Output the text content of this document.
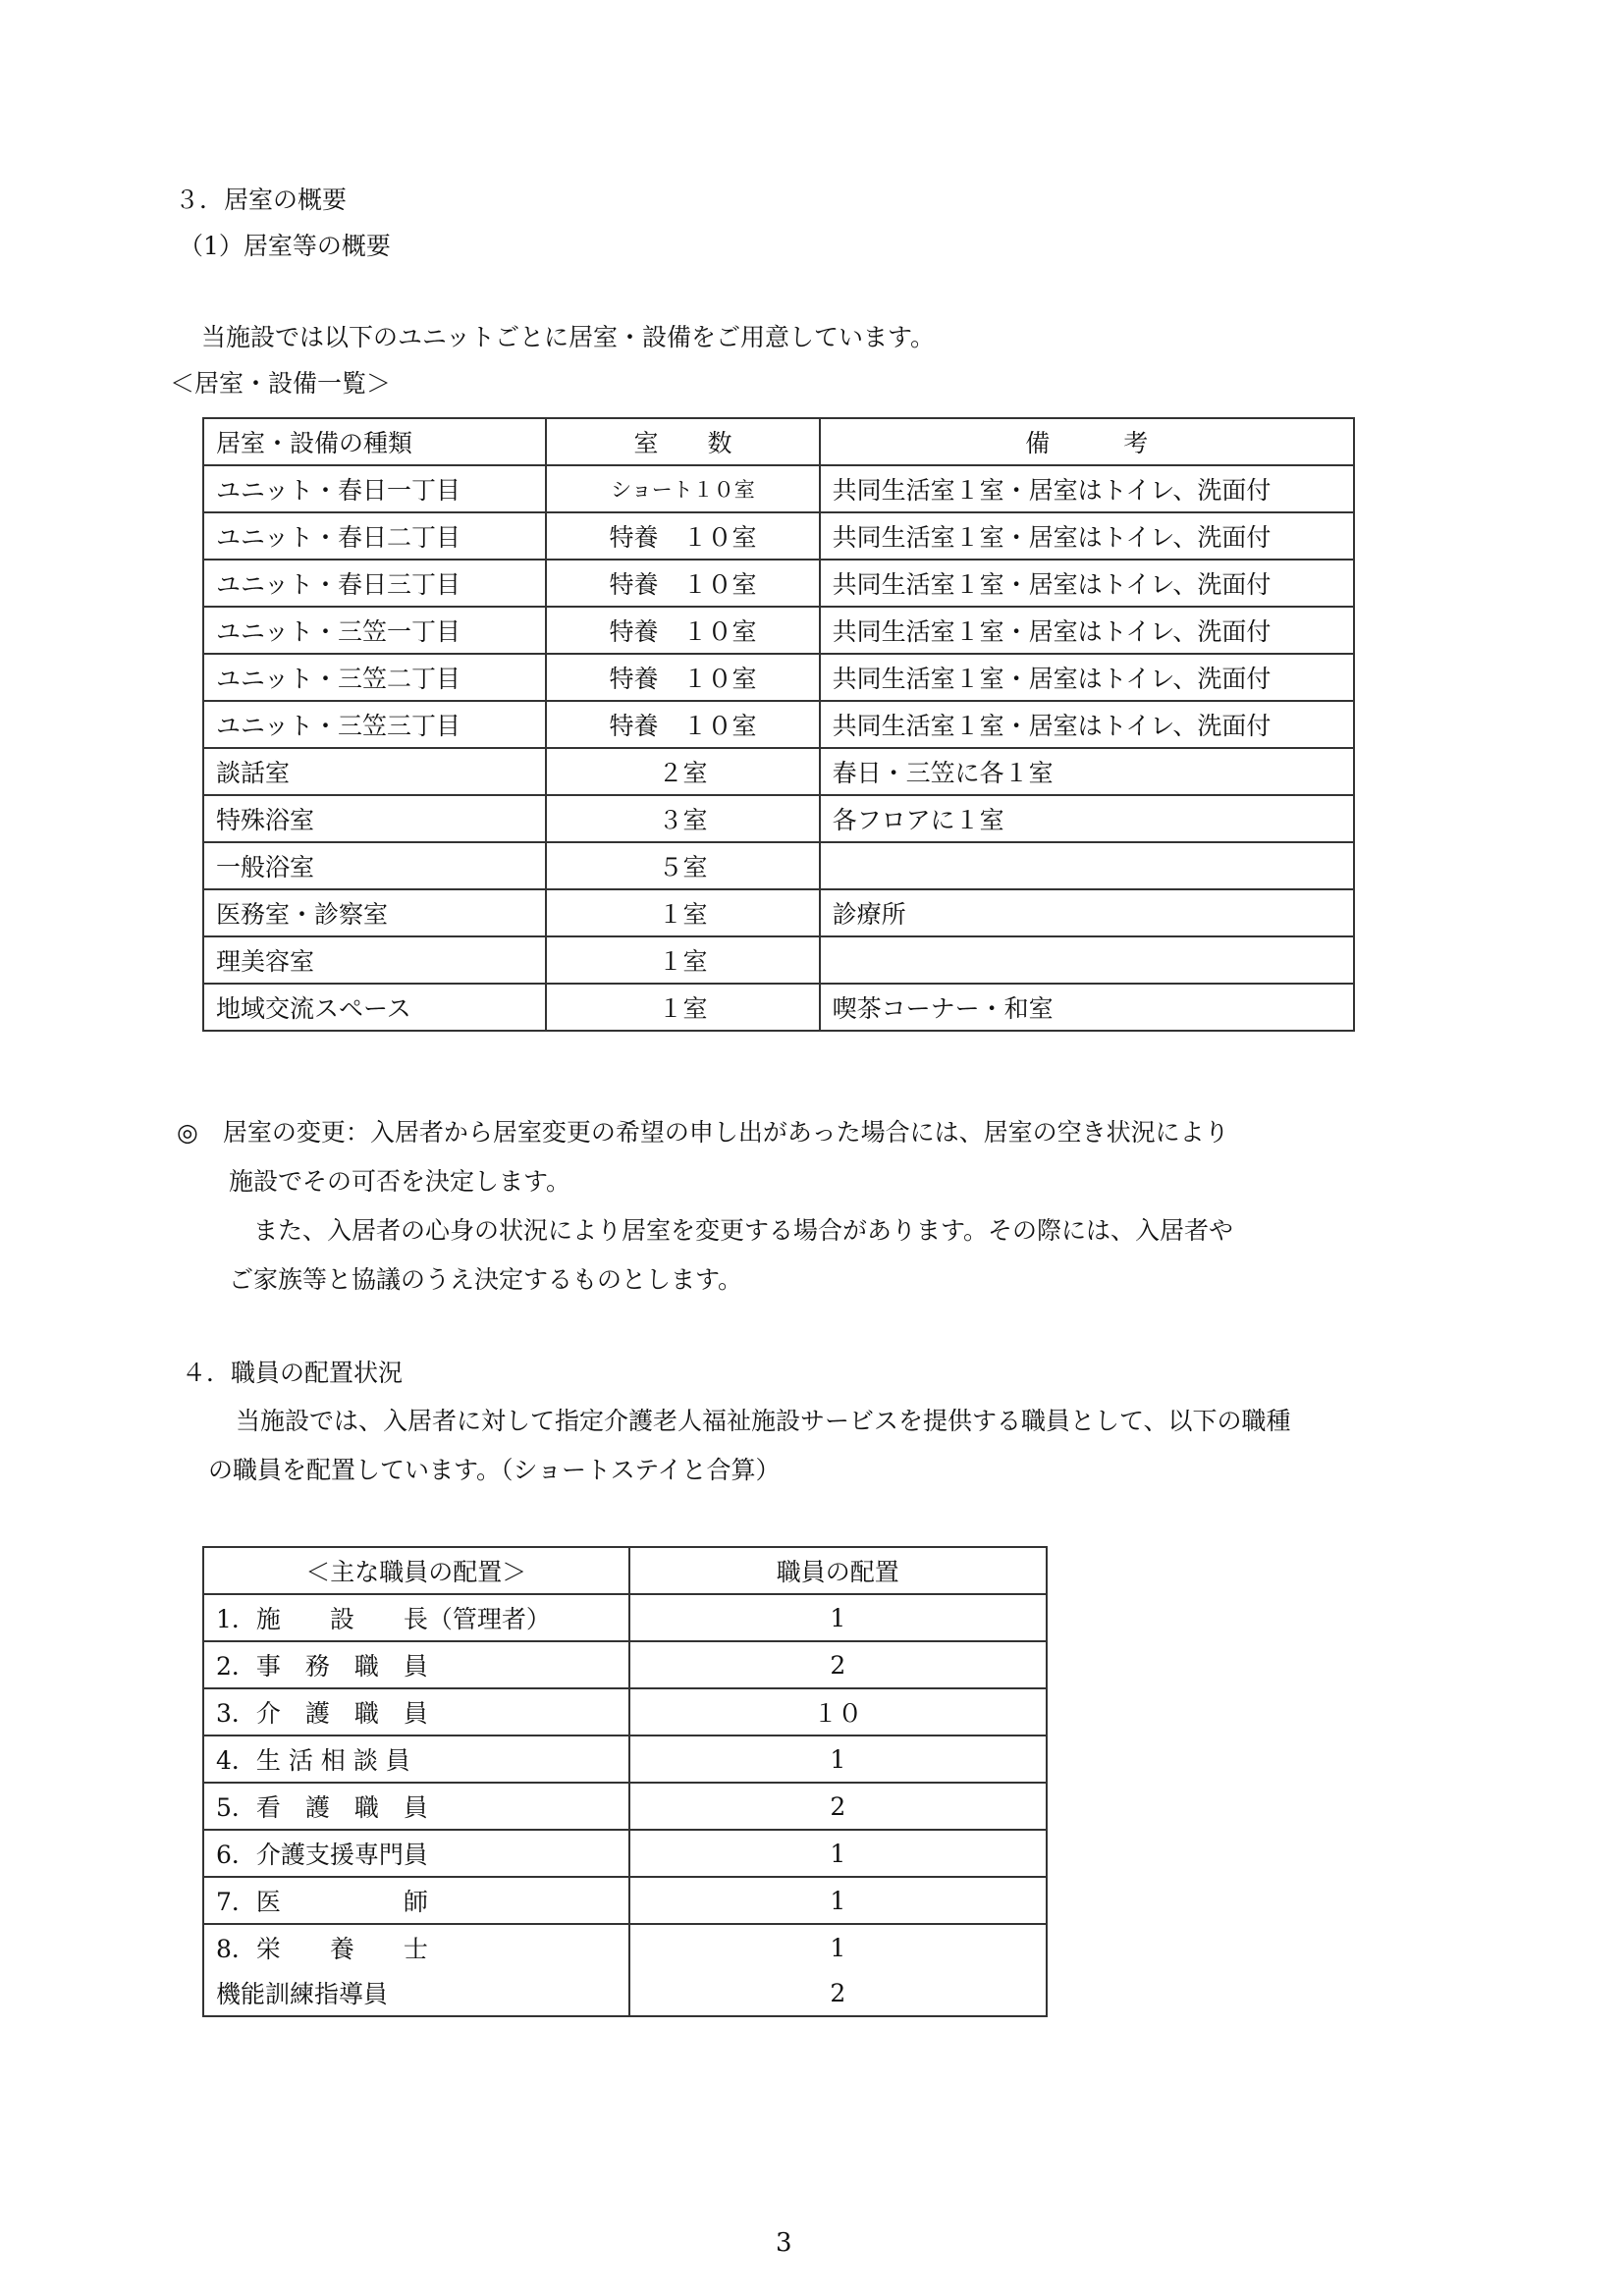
３．居室の概要
（1）居室等の概要
当施設では以下のユニットごとに居室・設備をご用意しています。
＜居室・設備一覧＞
居室・設備の種類	室　　数	備　　　考
ユニット・春日一丁目	ショート１０室	共同生活室１室・居室はトイレ、洗面付
ユニット・春日二丁目	特養　１０室	共同生活室１室・居室はトイレ、洗面付
ユニット・春日三丁目	特養　１０室	共同生活室１室・居室はトイレ、洗面付
ユニット・三笠一丁目	特養　１０室	共同生活室１室・居室はトイレ、洗面付
ユニット・三笠二丁目	特養　１０室	共同生活室１室・居室はトイレ、洗面付
ユニット・三笠三丁目	特養　１０室	共同生活室１室・居室はトイレ、洗面付
談話室	２室	春日・三笠に各１室
特殊浴室	３室	各フロアに１室
一般浴室	５室	
医務室・診察室	１室	診療所
理美容室	１室	
地域交流スペース	１室	喫茶コーナー・和室
◎　居室の変更：入居者から居室変更の希望の申し出があった場合には、居室の空き状況により
施設でその可否を決定します。
　また、入居者の心身の状況により居室を変更する場合があります。その際には、入居者や
ご家族等と協議のうえ決定するものとします。
４．職員の配置状況
当施設では、入居者に対して指定介護老人福祉施設サービスを提供する職員として、以下の職種
の職員を配置しています。（ショートステイと合算）
＜主な職員の配置＞	職員の配置
1．施　　設　　長（管理者）	1
2．事　務　職　員	2
3．介　護　職　員	１０
4．生 活 相 談 員	1
5．看　護　職　員	2
6．介護支援専門員	1
7．医　　　　　師	1
8．栄　　養　　士	1
機能訓練指導員	2
3
